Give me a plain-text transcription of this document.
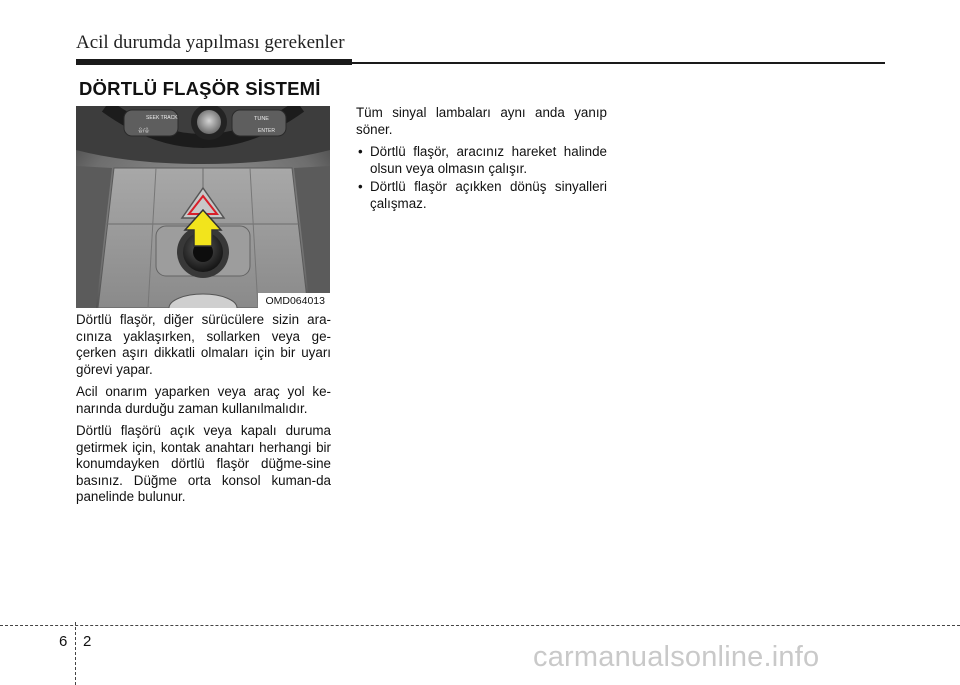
Acil durumda yapılması gerekenler
DÖRTLÜ FLAŞÖR SİSTEMİ
SEEK TRACK	TUNE
ENTER
음/음
OMD064013

Dörtlü flaşör, diğer sürücülere sizin ara-cınıza yaklaşırken, sollarken veya ge-çerken aşırı dikkatli olmaları için bir uyarı görevi yapar.

Acil onarım yaparken veya araç yol ke-narında durduğu zaman kullanılmalıdır.

Dörtlü flaşörü açık veya kapalı duruma getirmek için, kontak anahtarı herhangi bir konumdayken dörtlü flaşör düğme-sine basınız. Düğme orta konsol kuman-da panelinde bulunur.

Tüm sinyal lambaları aynı anda yanıp söner.

• Dörtlü flaşör, aracınız hareket halinde olsun veya olmasın çalışır.
• Dörtlü flaşör açıkken dönüş sinyalleri çalışmaz.
6 2	carmanualsonline.info
